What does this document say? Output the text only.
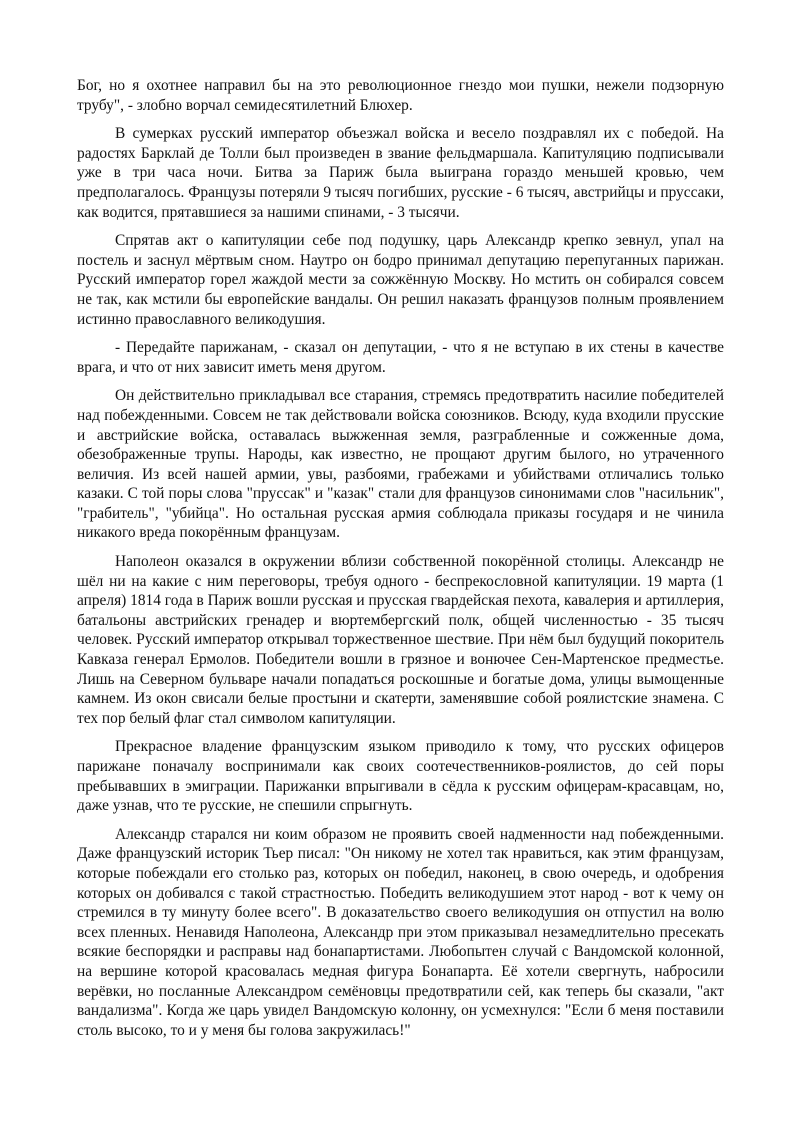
Бог, но я охотнее направил бы на это революционное гнездо мои пушки, нежели подзорную трубу", - злобно ворчал семидесятилетний Блюхер.

В сумерках русский император объезжал войска и весело поздравлял их с победой. На радостях Барклай де Толли был произведен в звание фельдмаршала. Капитуляцию подписывали уже в три часа ночи. Битва за Париж была выиграна гораздо меньшей кровью, чем предполагалось. Французы потеряли 9 тысяч погибших, русские - 6 тысяч, австрийцы и пруссаки, как водится, прятавшиеся за нашими спинами, - 3 тысячи.

Спрятав акт о капитуляции себе под подушку, царь Александр крепко зевнул, упал на постель и заснул мёртвым сном. Наутро он бодро принимал депутацию перепуганных парижан. Русский император горел жаждой мести за сожжённую Москву. Но мстить он собирался совсем не так, как мстили бы европейские вандалы. Он решил наказать французов полным проявлением истинно православного великодушия.

- Передайте парижанам, - сказал он депутации, - что я не вступаю в их стены в качестве врага, и что от них зависит иметь меня другом.

Он действительно прикладывал все старания, стремясь предотвратить насилие победителей над побежденными. Совсем не так действовали войска союзников. Всюду, куда входили прусские и австрийские войска, оставалась выжженная земля, разграбленные и сожженные дома, обезображенные трупы. Народы, как известно, не прощают другим былого, но утраченного величия. Из всей нашей армии, увы, разбоями, грабежами и убийствами отличались только казаки. С той поры слова "пруссак" и "казак" стали для французов синонимами слов "насильник", "грабитель", "убийца". Но остальная русская армия соблюдала приказы государя и не чинила никакого вреда покорённым французам.

Наполеон оказался в окружении вблизи собственной покорённой столицы. Александр не шёл ни на какие с ним переговоры, требуя одного - беспрекословной капитуляции. 19 марта (1 апреля) 1814 года в Париж вошли русская и прусская гвардейская пехота, кавалерия и артиллерия, батальоны австрийских гренадер и вюртембергский полк, общей численностью - 35 тысяч человек. Русский император открывал торжественное шествие. При нём был будущий покоритель Кавказа генерал Ермолов. Победители вошли в грязное и вонючее Сен-Мартенское предместье. Лишь на Северном бульваре начали попадаться роскошные и богатые дома, улицы вымощенные камнем. Из окон свисали белые простыни и скатерти, заменявшие собой роялистские знамена. С тех пор белый флаг стал символом капитуляции.

Прекрасное владение французским языком приводило к тому, что русских офицеров парижане поначалу воспринимали как своих соотечественников-роялистов, до сей поры пребывавших в эмиграции. Парижанки впрыгивали в сёдла к русским офицерам-красавцам, но, даже узнав, что те русские, не спешили спрыгнуть.

Александр старался ни коим образом не проявить своей надменности над побежденными. Даже французский историк Тьер писал: "Он никому не хотел так нравиться, как этим французам, которые побеждали его столько раз, которых он победил, наконец, в свою очередь, и одобрения которых он добивался с такой страстностью. Победить великодушием этот народ - вот к чему он стремился в ту минуту более всего". В доказательство своего великодушия он отпустил на волю всех пленных. Ненавидя Наполеона, Александр при этом приказывал незамедлительно пресекать всякие беспорядки и расправы над бонапартистами. Любопытен случай с Вандомской колонной, на вершине которой красовалась медная фигура Бонапарта. Её хотели свергнуть, набросили верёвки, но посланные Александром семёновцы предотвратили сей, как теперь бы сказали, "акт вандализма". Когда же царь увидел Вандомскую колонну, он усмехнулся: "Если б меня поставили столь высоко, то и у меня бы голова закружилась!"
